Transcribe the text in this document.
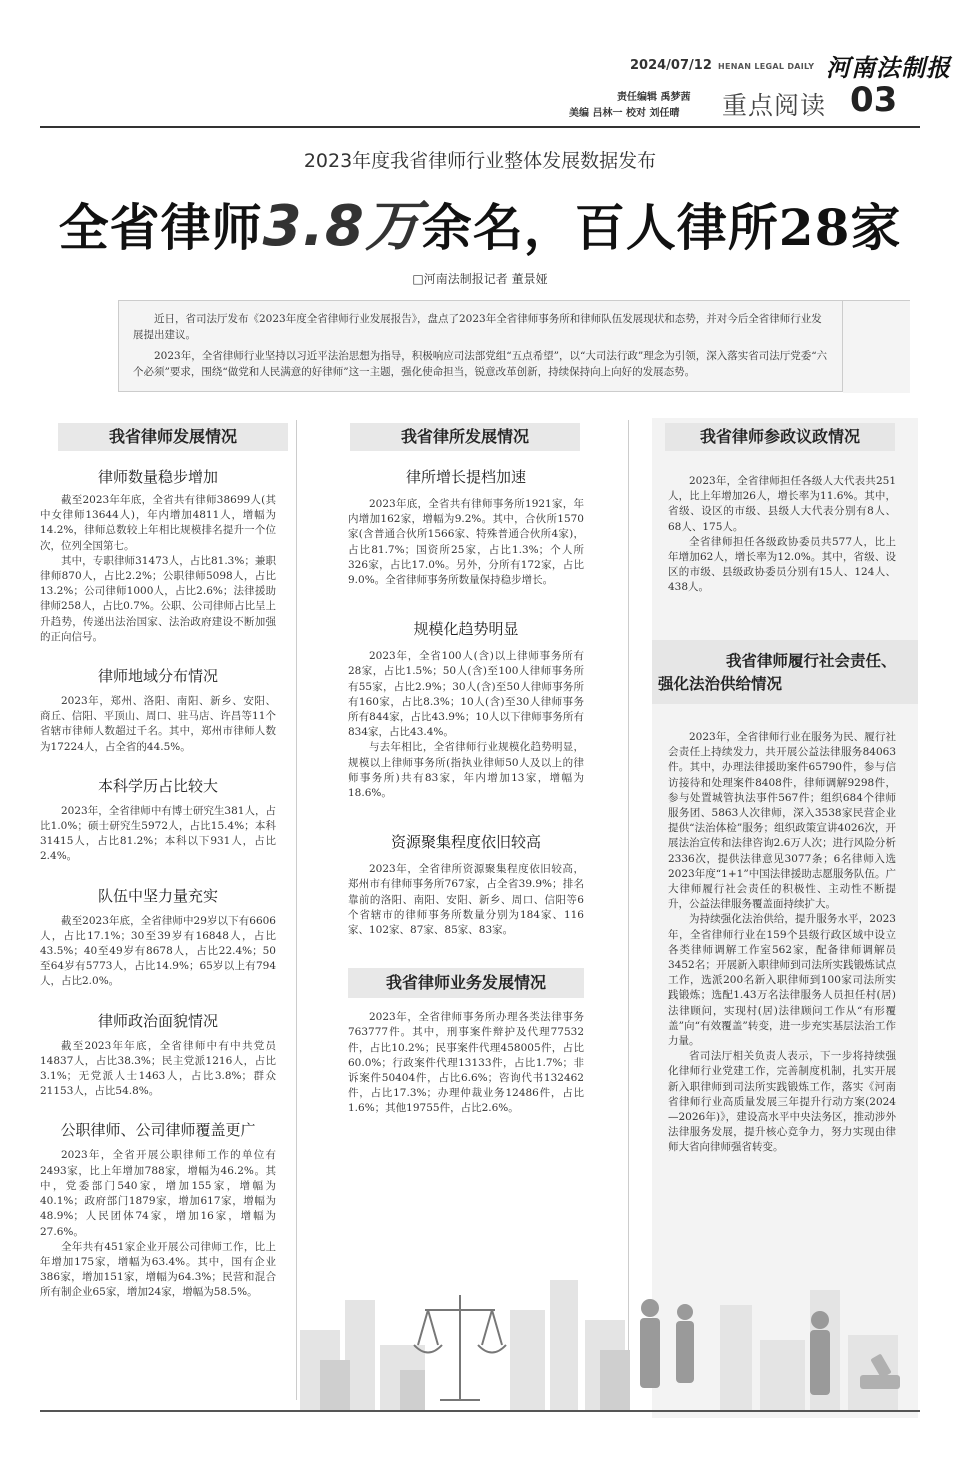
2024/07/12 HENAN LEGAL DAILY 河南法制报
责任编辑 禹梦茜
美编 吕林一 校对 刘任晴 重点阅读 03
2023年度我省律师行业整体发展数据发布
全省律师3.8万余名，百人律所28家
□河南法制报记者 董景娅

近日，省司法厅发布《2023年度全省律师行业发展报告》，盘点了2023年全省律师事务所和律师队伍发展现状和态势，并对今后全省律师行业发展提出建议。

2023年，全省律师行业坚持以习近平法治思想为指导，积极响应司法部党组“五点希望”，以“大司法行政”理念为引领，深入落实省司法厅党委“六个必须”要求，围绕“做党和人民满意的好律师”这一主题，强化使命担当，锐意改革创新，持续保持向上向好的发展态势。

我省律师发展情况
律师数量稳步增加

截至2023年年底，全省共有律师38699人(其中女律师13644人)，年内增加4811人，增幅为14.2%，律师总数较上年相比规模排名提升一个位次，位列全国第七。

其中，专职律师31473人，占比81.3%；兼职律师870人，占比2.2%；公职律师5098人，占比13.2%；公司律师1000人，占比2.6%；法律援助律师258人，占比0.7%。公职、公司律师占比呈上升趋势，传递出法治国家、法治政府建设不断加强的正向信号。

律师地域分布情况

2023年，郑州、洛阳、南阳、新乡、安阳、商丘、信阳、平顶山、周口、驻马店、许昌等11个省辖市律师人数超过千名。其中，郑州市律师人数为17224人，占全省的44.5%。

本科学历占比较大

2023年，全省律师中有博士研究生381人，占比1.0%；硕士研究生5972人，占比15.4%；本科31415人，占比81.2%；本科以下931人，占比2.4%。

队伍中坚力量充实

截至2023年底，全省律师中29岁以下有6606人，占比17.1%；30至39岁有16848人，占比43.5%；40至49岁有8678人，占比22.4%；50至64岁有5773人，占比14.9%；65岁以上有794人，占比2.0%。

律师政治面貌情况

截至2023年年底，全省律师中有中共党员14837人，占比38.3%；民主党派1216人，占比3.1%；无党派人士1463人，占比3.8%；群众21153人，占比54.8%。

公职律师、公司律师覆盖更广

2023年，全省开展公职律师工作的单位有2493家，比上年增加788家，增幅为46.2%。其中，党委部门540家，增加155家，增幅为40.1%；政府部门1879家，增加617家，增幅为48.9%；人民团体74家，增加16家，增幅为27.6%。

全年共有451家企业开展公司律师工作，比上年增加175家，增幅为63.4%。其中，国有企业386家，增加151家，增幅为64.3%；民营和混合所有制企业65家，增加24家，增幅为58.5%。

我省律所发展情况
律所增长提档加速

2023年底，全省共有律师事务所1921家，年内增加162家，增幅为9.2%。其中，合伙所1570家(含普通合伙所1566家、特殊普通合伙所4家)，占比81.7%；国资所25家，占比1.3%；个人所326家，占比17.0%。另外，分所有172家，占比9.0%。全省律师事务所数量保持稳步增长。

规模化趋势明显

2023年，全省100人(含)以上律师事务所有28家，占比1.5%；50人(含)至100人律师事务所有55家，占比2.9%；30人(含)至50人律师事务所有160家，占比8.3%；10人(含)至30人律师事务所有844家，占比43.9%；10人以下律师事务所有834家，占比43.4%。

与去年相比，全省律师行业规模化趋势明显，规模以上律师事务所(指执业律师50人及以上的律师事务所)共有83家，年内增加13家，增幅为18.6%。

资源聚集程度依旧较高

2023年，全省律所资源聚集程度依旧较高，郑州市有律师事务所767家，占全省39.9%；排名靠前的洛阳、南阳、安阳、新乡、周口、信阳等6个省辖市的律师事务所数量分别为184家、116家、102家、87家、85家、83家。

我省律师业务发展情况

2023年，全省律师事务所办理各类法律事务763777件。其中，刑事案件辩护及代理77532件，占比10.2%；民事案件代理458005件，占比60.0%；行政案件代理13133件，占比1.7%；非诉案件50404件，占比6.6%；咨询代书132462件，占比17.3%；办理仲裁业务12486件，占比1.6%；其他19755件，占比2.6%。

我省律师参政议政情况

2023年，全省律师担任各级人大代表共251人，比上年增加26人，增长率为11.6%。其中，省级、设区的市级、县级人大代表分别有8人、68人、175人。

全省律师担任各级政协委员共577人，比上年增加62人，增长率为12.0%。其中，省级、设区的市级、县级政协委员分别有15人、124人、438人。

我省律师履行社会责任、
强化法治供给情况

2023年，全省律师行业在服务为民、履行社会责任上持续发力，共开展公益法律服务84063件。其中，办理法律援助案件65790件，参与信访接待和处理案件8408件，律师调解9298件，参与处置城管执法事件567件；组织684个律师服务团、5863人次律师，深入3538家民营企业提供“法治体检”服务；组织政策宣讲4026次，开展法治宣传和法律咨询2.6万人次；进行风险分析2336次，提供法律意见3077条；6名律师入选2023年度“1+1”中国法律援助志愿服务队伍。广大律师履行社会责任的积极性、主动性不断提升，公益法律服务覆盖面持续扩大。

为持续强化法治供给，提升服务水平，2023年，全省律师行业在159个县级行政区域中设立各类律师调解工作室562家，配备律师调解员3452名；开展新入职律师到司法所实践锻炼试点工作，选派200名新入职律师到100家司法所实践锻炼；选配1.43万名法律服务人员担任村(居)法律顾问，实现村(居)法律顾问工作从“有形覆盖”向“有效覆盖”转变，进一步充实基层法治工作力量。

省司法厅相关负责人表示，下一步将持续强化律师行业党建工作，完善制度机制，扎实开展新入职律师到司法所实践锻炼工作，落实《河南省律师行业高质量发展三年提升行动方案(2024—2026年)》，建设高水平中央法务区，推动涉外法律服务发展，提升核心竞争力，努力实现由律师大省向律师强省转变。
